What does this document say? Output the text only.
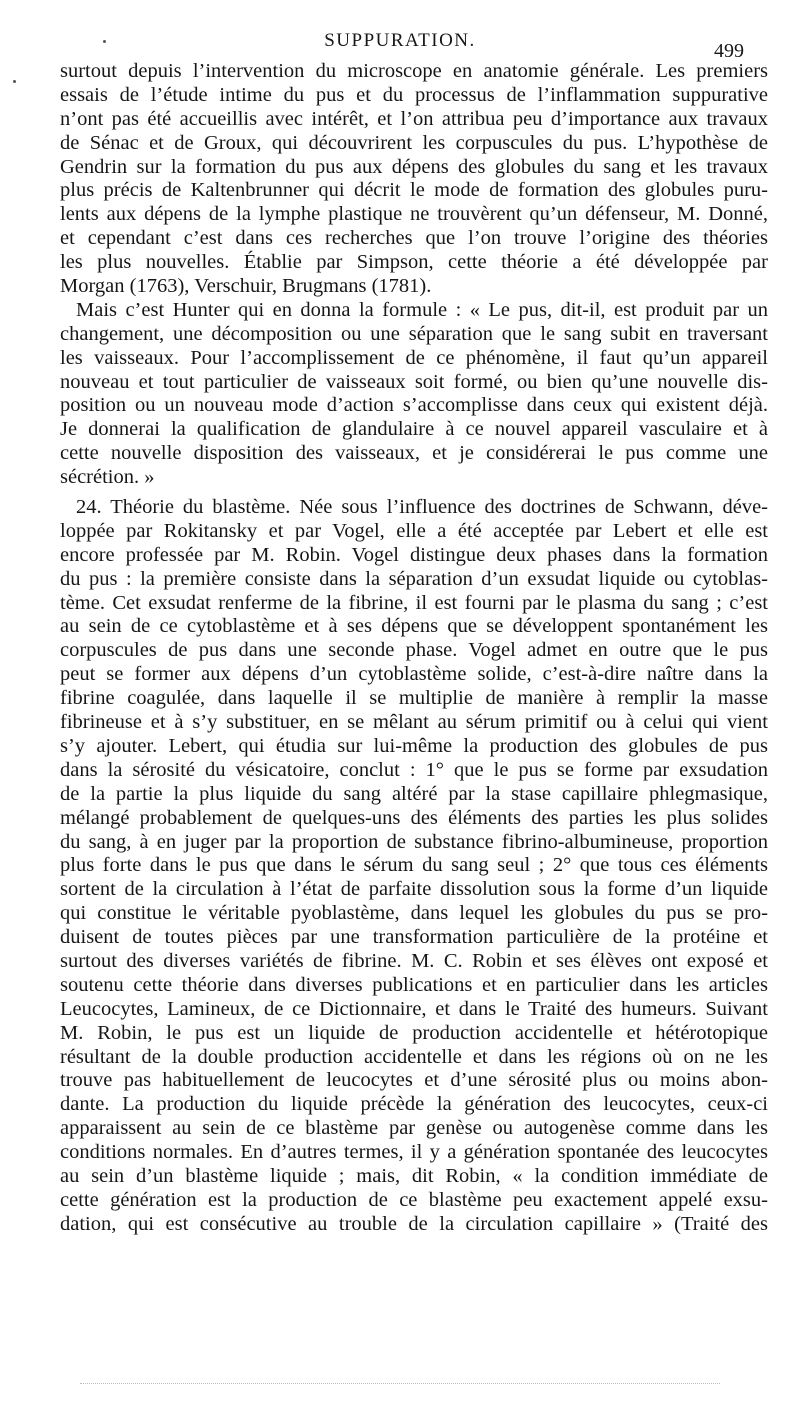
SUPPURATION.	499
surtout depuis l’intervention du microscope en anatomie générale. Les premiers
essais de l’étude intime du pus et du processus de l’inflammation suppurative
n’ont pas été accueillis avec intérêt, et l’on attribua peu d’importance aux travaux
de Sénac et de Groux, qui découvrirent les corpuscules du pus. L’hypothèse de
Gendrin sur la formation du pus aux dépens des globules du sang et les travaux
plus précis de Kaltenbrunner qui décrit le mode de formation des globules puru-
lents aux dépens de la lymphe plastique ne trouvèrent qu’un défenseur, M. Donné,
et cependant c’est dans ces recherches que l’on trouve l’origine des théories
les plus nouvelles. Établie par Simpson, cette théorie a été développée par
Morgan (1763), Verschuir, Brugmans (1781).
Mais c’est Hunter qui en donna la formule : « Le pus, dit-il, est produit par un
changement, une décomposition ou une séparation que le sang subit en traversant
les vaisseaux. Pour l’accomplissement de ce phénomène, il faut qu’un appareil
nouveau et tout particulier de vaisseaux soit formé, ou bien qu’une nouvelle dis-
position ou un nouveau mode d’action s’accomplisse dans ceux qui existent déjà.
Je donnerai la qualification de glandulaire à ce nouvel appareil vasculaire et à
cette nouvelle disposition des vaisseaux, et je considérerai le pus comme une
sécrétion. »
24. Théorie du blastème. Née sous l’influence des doctrines de Schwann, déve-
loppée par Rokitansky et par Vogel, elle a été acceptée par Lebert et elle est
encore professée par M. Robin. Vogel distingue deux phases dans la formation
du pus : la première consiste dans la séparation d’un exsudat liquide ou cytoblas-
tème. Cet exsudat renferme de la fibrine, il est fourni par le plasma du sang ; c’est
au sein de ce cytoblastème et à ses dépens que se développent spontanément les
corpuscules de pus dans une seconde phase. Vogel admet en outre que le pus
peut se former aux dépens d’un cytoblastème solide, c’est-à-dire naître dans la
fibrine coagulée, dans laquelle il se multiplie de manière à remplir la masse
fibrineuse et à s’y substituer, en se mêlant au sérum primitif ou à celui qui vient
s’y ajouter. Lebert, qui étudia sur lui-même la production des globules de pus
dans la sérosité du vésicatoire, conclut : 1° que le pus se forme par exsudation
de la partie la plus liquide du sang altéré par la stase capillaire phlegmasique,
mélangé probablement de quelques-uns des éléments des parties les plus solides
du sang, à en juger par la proportion de substance fibrino-albumineuse, proportion
plus forte dans le pus que dans le sérum du sang seul ; 2° que tous ces éléments
sortent de la circulation à l’état de parfaite dissolution sous la forme d’un liquide
qui constitue le véritable pyoblastème, dans lequel les globules du pus se pro-
duisent de toutes pièces par une transformation particulière de la protéine et
surtout des diverses variétés de fibrine. M. C. Robin et ses élèves ont exposé et
soutenu cette théorie dans diverses publications et en particulier dans les articles
Leucocytes, Lamineux, de ce Dictionnaire, et dans le Traité des humeurs. Suivant
M. Robin, le pus est un liquide de production accidentelle et hétérotopique
résultant de la double production accidentelle et dans les régions où on ne les
trouve pas habituellement de leucocytes et d’une sérosité plus ou moins abon-
dante. La production du liquide précède la génération des leucocytes, ceux-ci
apparaissent au sein de ce blastème par genèse ou autogenèse comme dans les
conditions normales. En d’autres termes, il y a génération spontanée des leucocytes
au sein d’un blastème liquide ; mais, dit Robin, « la condition immédiate de
cette génération est la production de ce blastème peu exactement appelé exsu-
dation, qui est consécutive au trouble de la circulation capillaire » (Traité des
